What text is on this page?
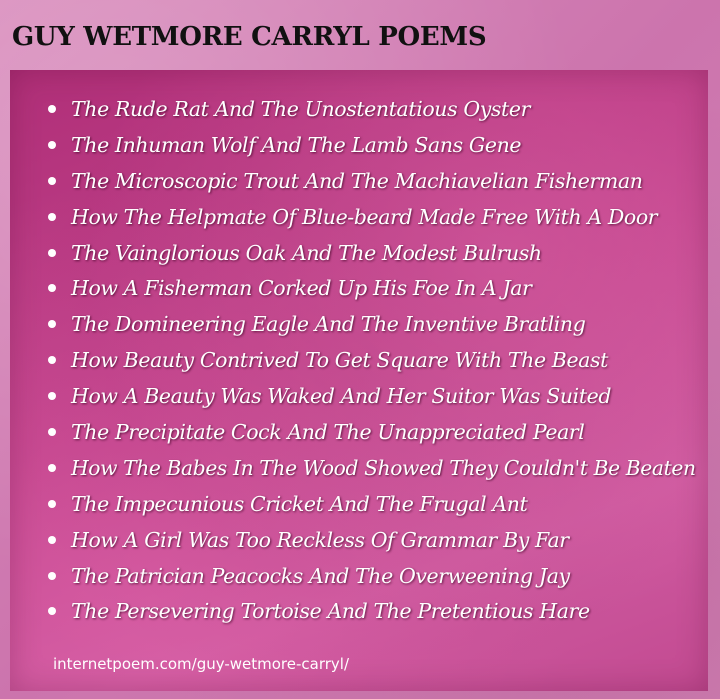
GUY WETMORE CARRYL POEMS
The Rude Rat And The Unostentatious Oyster
The Inhuman Wolf And The Lamb Sans Gene
The Microscopic Trout And The Machiavelian Fisherman
How The Helpmate Of Blue-beard Made Free With A Door
The Vainglorious Oak And The Modest Bulrush
How A Fisherman Corked Up His Foe In A Jar
The Domineering Eagle And The Inventive Bratling
How Beauty Contrived To Get Square With The Beast
How A Beauty Was Waked And Her Suitor Was Suited
The Precipitate Cock And The Unappreciated Pearl
How The Babes In The Wood Showed They Couldn't Be Beaten
The Impecunious Cricket And The Frugal Ant
How A Girl Was Too Reckless Of Grammar By Far
The Patrician Peacocks And The Overweening Jay
The Persevering Tortoise And The Pretentious Hare
internetpoem.com/guy-wetmore-carryl/
